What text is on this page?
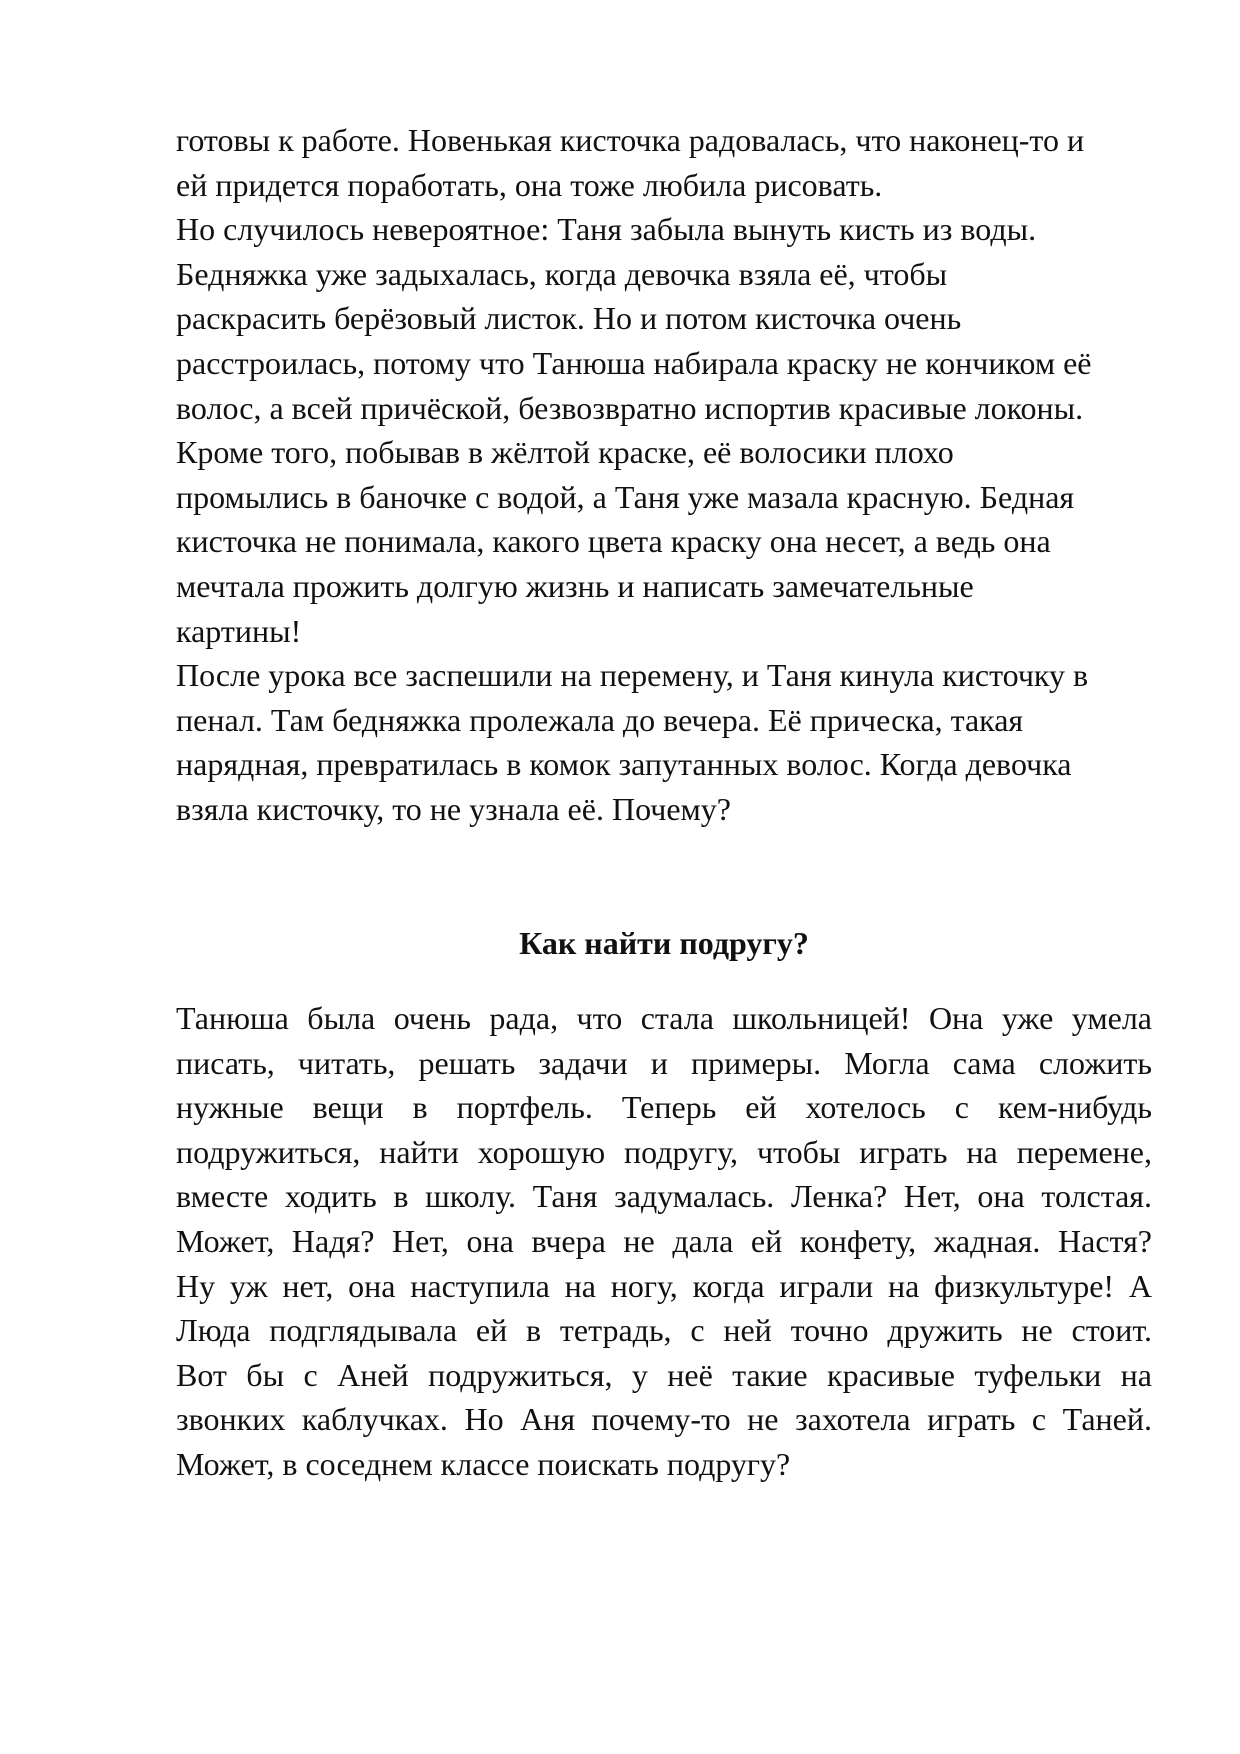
готовы к работе. Новенькая кисточка радовалась, что наконец-то и
ей придется поработать, она тоже любила рисовать.
Но случилось невероятное: Таня забыла вынуть кисть из воды.
Бедняжка уже задыхалась, когда девочка взяла её, чтобы
раскрасить берёзовый листок. Но и потом кисточка очень
расстроилась, потому что Танюша набирала краску не кончиком её
волос, а всей причёской, безвозвратно испортив красивые локоны.
Кроме того, побывав в жёлтой краске, её волосики плохо
промылись в баночке с водой, а Таня уже мазала красную. Бедная
кисточка не понимала, какого цвета краску она несет, а ведь она
мечтала прожить долгую жизнь и написать замечательные
картины!
После урока все заспешили на перемену, и Таня кинула кисточку в
пенал. Там бедняжка пролежала до вечера. Её прическа, такая
нарядная, превратилась в комок запутанных волос. Когда девочка
взяла кисточку, то не узнала её. Почему?
Как найти подругу?
Танюша была очень рада, что стала школьницей! Она уже умела
писать, читать, решать задачи и примеры. Могла сама сложить
нужные вещи в портфель. Теперь ей хотелось с кем-нибудь
подружиться, найти хорошую подругу, чтобы играть на перемене,
вместе ходить в школу. Таня задумалась. Ленка? Нет, она толстая.
Может, Надя? Нет, она вчера не дала ей конфету, жадная. Настя?
Ну уж нет, она наступила на ногу, когда играли на физкультуре! А
Люда подглядывала ей в тетрадь, с ней точно дружить не стоит.
Вот бы с Аней подружиться, у неё такие красивые туфельки на
звонких каблучках. Но Аня почему-то не захотела играть с Таней.
Может, в соседнем классе поискать подругу?
